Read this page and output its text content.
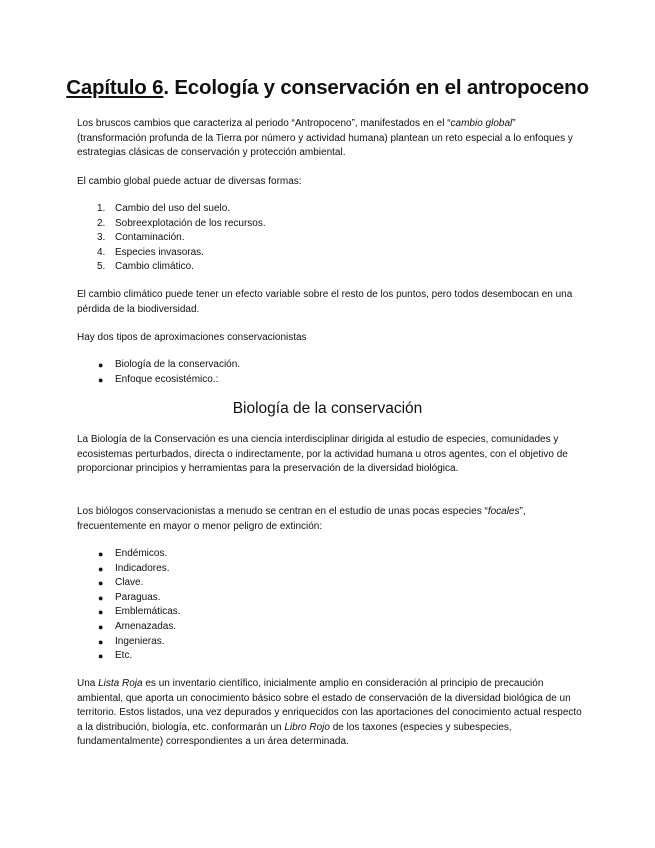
Capítulo 6. Ecología y conservación en el antropoceno

Los bruscos cambios que caracteriza al periodo “Antropoceno”, manifestados en el “cambio global” (transformación profunda de la Tierra por número y actividad humana) plantean un reto especial a lo enfoques y estrategias clásicas de conservación y protección ambiental.

El cambio global puede actuar de diversas formas:

1. Cambio del uso del suelo.
2. Sobreexplotación de los recursos.
3. Contaminación.
4. Especies invasoras.
5. Cambio climático.

El cambio climático puede tener un efecto variable sobre el resto de los puntos, pero todos desembocan en una pérdida de la biodiversidad.

Hay dos tipos de aproximaciones conservacionistas

● Biología de la conservación.
● Enfoque ecosistémico.:
Biología de la conservación

La Biología de la Conservación es una ciencia interdisciplinar dirigida al estudio de especies, comunidades y ecosistemas perturbados, directa o indirectamente, por la actividad humana u otros agentes, con el objetivo de proporcionar principios y herramientas para la preservación de la diversidad biológica.

Los biólogos conservacionistas a menudo se centran en el estudio de unas pocas especies “focales”, frecuentemente en mayor o menor peligro de extinción:

● Endémicos.
● Indicadores.
● Clave.
● Paraguas.
● Emblemáticas.
● Amenazadas.
● Ingenieras.
● Etc.

Una Lista Roja es un inventario científico, inicialmente amplio en consideración al principio de precaución ambiental, que aporta un conocimiento básico sobre el estado de conservación de la diversidad biológica de un territorio. Estos listados, una vez depurados y enriquecidos con las aportaciones del conocimiento actual respecto a la distribución, biología, etc. conformarán un Libro Rojo de los taxones (especies y subespecies, fundamentalmente) correspondientes a un área determinada.
